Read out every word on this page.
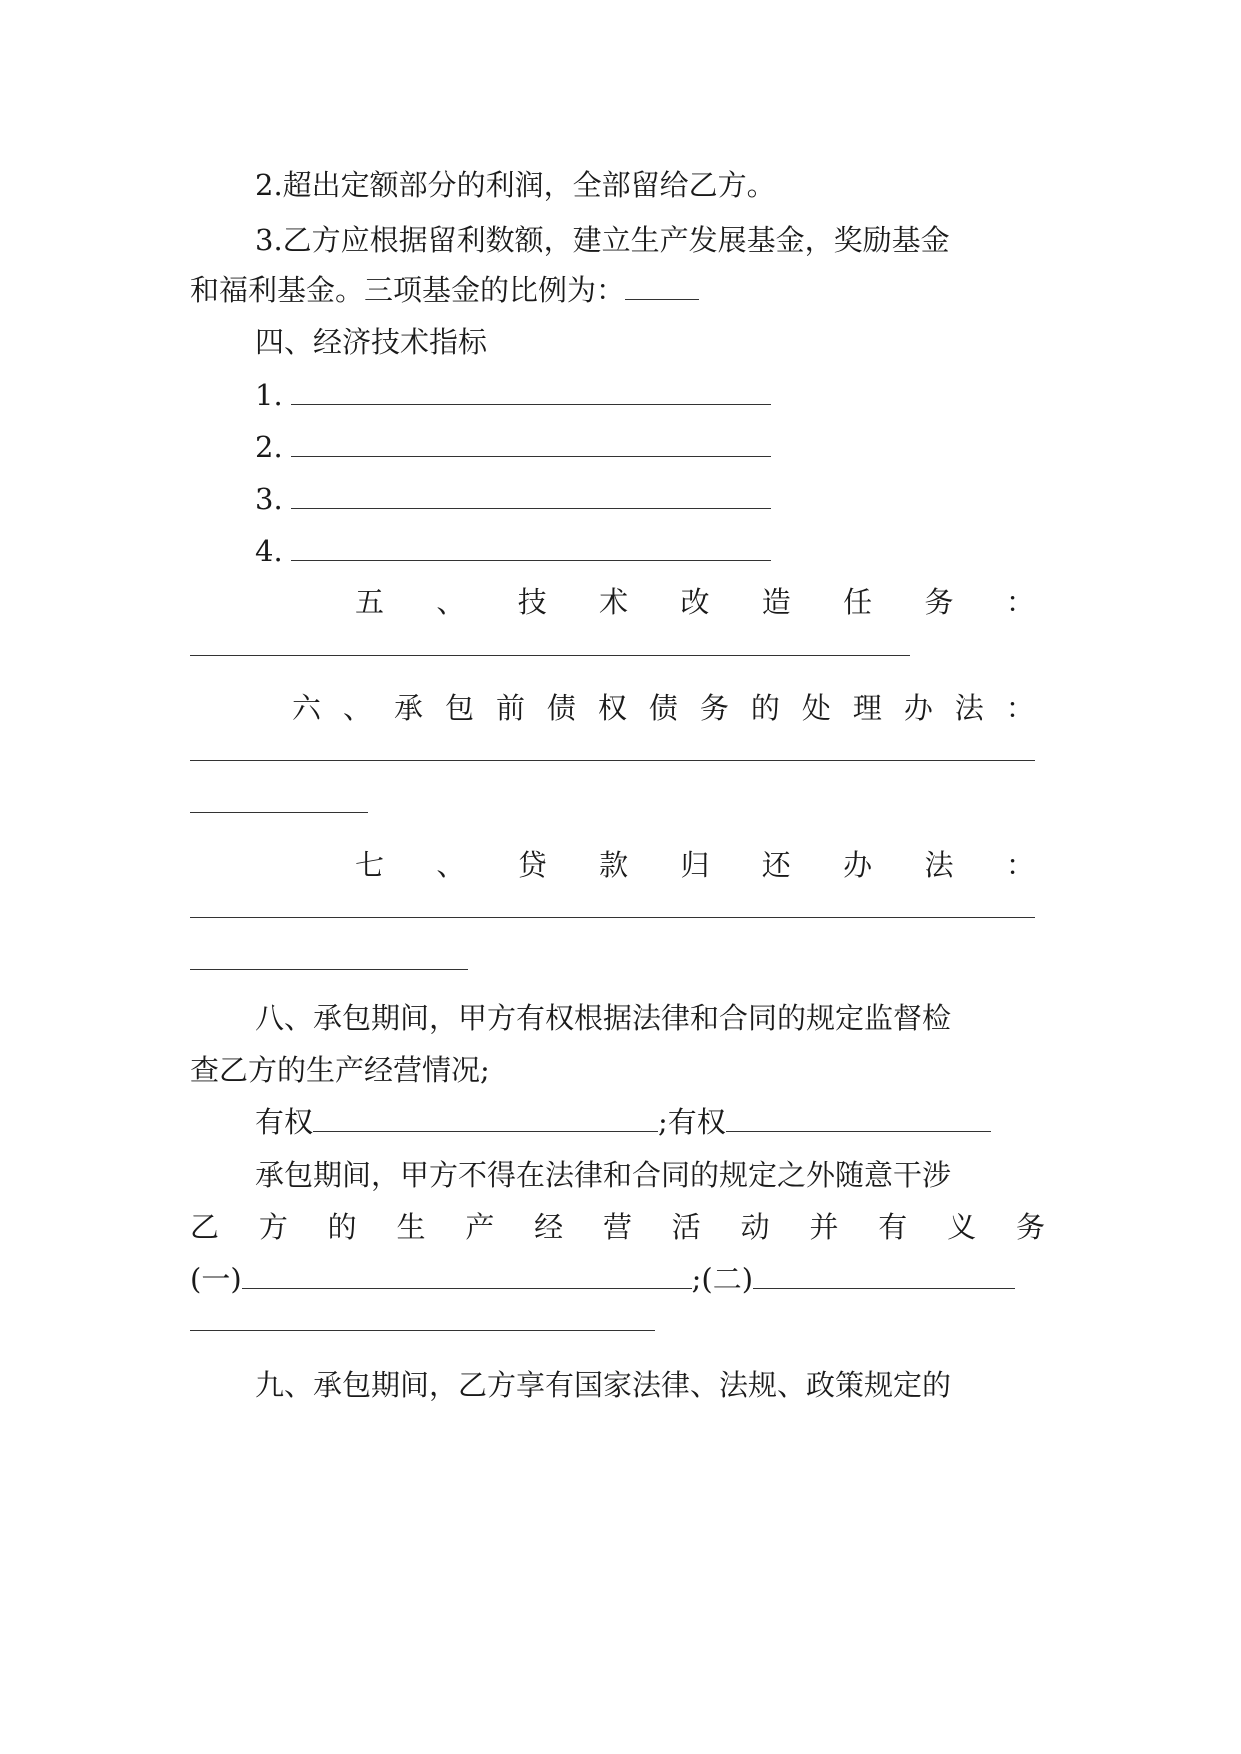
2.超出定额部分的利润，全部留给乙方。
3.乙方应根据留利数额，建立生产发展基金，奖励基金
和福利基金。三项基金的比例为：
四、经济技术指标
1.
2.
3.
4.
五 、 技 术 改 造 任 务 ：
六 、 承 包 前 债 权 债 务 的 处 理 办 法 ：
七 、 贷 款 归 还 办 法 ：
八、承包期间，甲方有权根据法律和合同的规定监督检
查乙方的生产经营情况;
有权	;有权
承包期间，甲方不得在法律和合同的规定之外随意干涉
乙 方 的 生 产 经 营 活 动 并 有 义 务
(一)	;(二)
九、承包期间，乙方享有国家法律、法规、政策规定的
